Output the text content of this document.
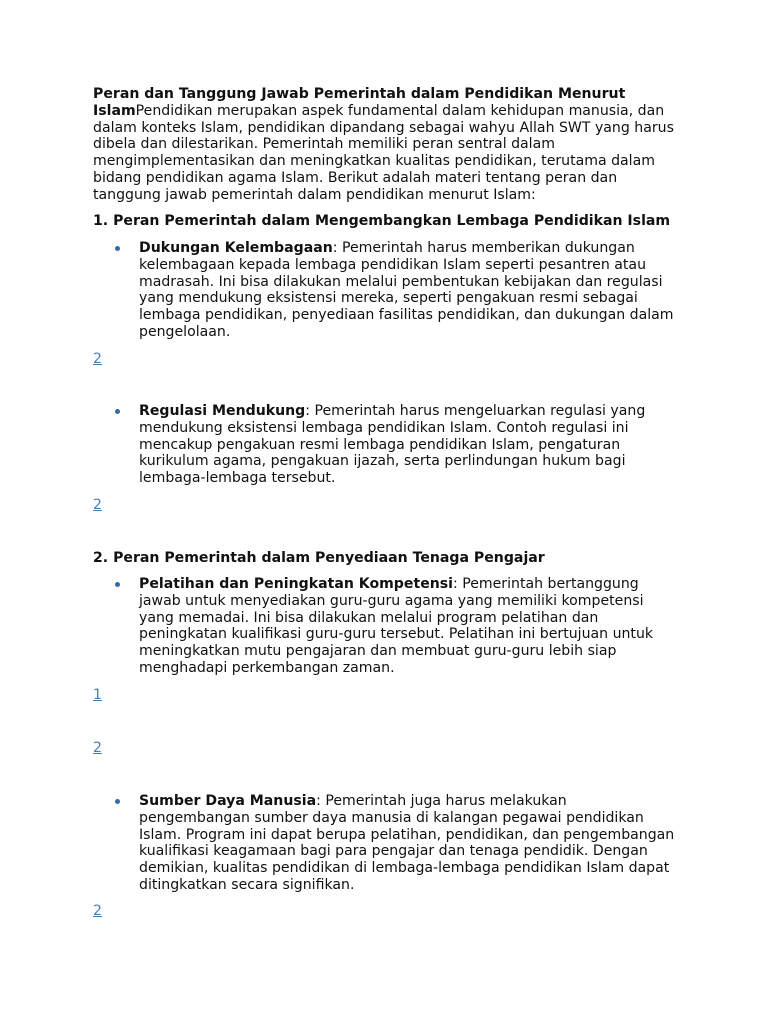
Peran dan Tanggung Jawab Pemerintah dalam Pendidikan Menurut IslamPendidikan merupakan aspek fundamental dalam kehidupan manusia, dan dalam konteks Islam, pendidikan dipandang sebagai wahyu Allah SWT yang harus dibela dan dilestarikan. Pemerintah memiliki peran sentral dalam mengimplementasikan dan meningkatkan kualitas pendidikan, terutama dalam bidang pendidikan agama Islam. Berikut adalah materi tentang peran dan tanggung jawab pemerintah dalam pendidikan menurut Islam:

1. Peran Pemerintah dalam Mengembangkan Lembaga Pendidikan Islam
Dukungan Kelembagaan: Pemerintah harus memberikan dukungan kelembagaan kepada lembaga pendidikan Islam seperti pesantren atau madrasah. Ini bisa dilakukan melalui pembentukan kebijakan dan regulasi yang mendukung eksistensi mereka, seperti pengakuan resmi sebagai lembaga pendidikan, penyediaan fasilitas pendidikan, dan dukungan dalam pengelolaan.
2
Regulasi Mendukung: Pemerintah harus mengeluarkan regulasi yang mendukung eksistensi lembaga pendidikan Islam. Contoh regulasi ini mencakup pengakuan resmi lembaga pendidikan Islam, pengaturan kurikulum agama, pengakuan ijazah, serta perlindungan hukum bagi lembaga-lembaga tersebut.
2
2. Peran Pemerintah dalam Penyediaan Tenaga Pengajar
Pelatihan dan Peningkatan Kompetensi: Pemerintah bertanggung jawab untuk menyediakan guru-guru agama yang memiliki kompetensi yang memadai. Ini bisa dilakukan melalui program pelatihan dan peningkatan kualifikasi guru-guru tersebut. Pelatihan ini bertujuan untuk meningkatkan mutu pengajaran dan membuat guru-guru lebih siap menghadapi perkembangan zaman.
1
2
Sumber Daya Manusia: Pemerintah juga harus melakukan pengembangan sumber daya manusia di kalangan pegawai pendidikan Islam. Program ini dapat berupa pelatihan, pendidikan, dan pengembangan kualifikasi keagamaan bagi para pengajar dan tenaga pendidik. Dengan demikian, kualitas pendidikan di lembaga-lembaga pendidikan Islam dapat ditingkatkan secara signifikan.
2
